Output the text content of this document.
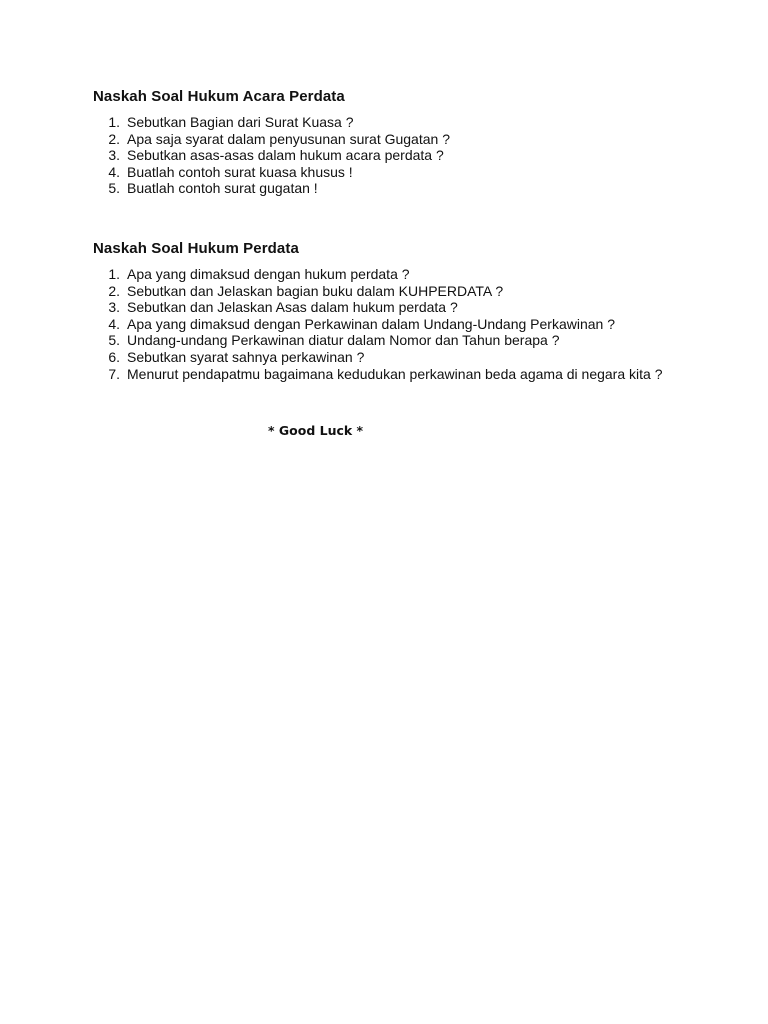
Naskah Soal Hukum Acara Perdata
1. Sebutkan Bagian dari Surat Kuasa ?
2. Apa saja syarat dalam penyusunan surat Gugatan ?
3. Sebutkan asas-asas dalam hukum acara perdata ?
4. Buatlah contoh surat kuasa khusus !
5. Buatlah contoh surat gugatan !
Naskah Soal Hukum Perdata
1. Apa yang dimaksud dengan hukum perdata ?
2. Sebutkan dan Jelaskan bagian buku dalam KUHPERDATA ?
3. Sebutkan dan Jelaskan Asas dalam hukum perdata ?
4. Apa yang dimaksud dengan Perkawinan dalam Undang-Undang Perkawinan ?
5. Undang-undang Perkawinan diatur dalam Nomor dan Tahun berapa ?
6. Sebutkan syarat sahnya perkawinan ?
7. Menurut pendapatmu bagaimana kedudukan perkawinan beda agama di negara kita ?
* Good Luck *
